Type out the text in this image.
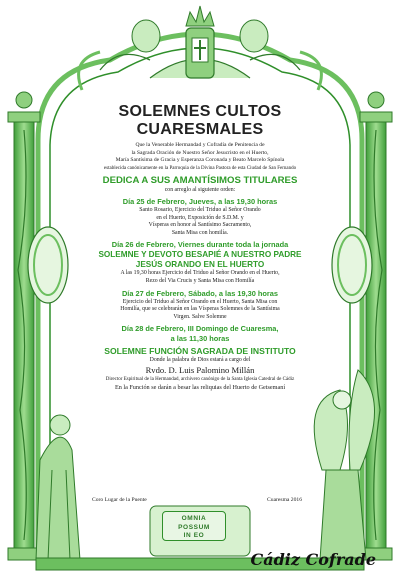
SOLEMNES CULTOS
CUARESMALES
Que la Venerable Hermandad y Cofradía de Penitencia de
la Sagrada Oración de Nuestro Señor Jesucristo en el Huerto,
María Santísima de Gracia y Esperanza Coronada y Beato Marcelo Spínola
establecida canónicamente en la Parroquia de la Divina Pastora de esta Ciudad de San Fernando
DEDICA A SUS AMANTÍSIMOS TITULARES
con arreglo al siguiente orden:
Día 25 de Febrero, Jueves, a las 19,30 horas
Santo Rosario, Ejercicio del Triduo al Señor Orando
en el Huerto, Exposición de S.D.M. y
Vísperas en honor al Santísimo Sacramento,
Santa Misa con homilía.
Día 26 de Febrero, Viernes durante toda la jornada
SOLEMNE Y DEVOTO BESAPIÉ A NUESTRO PADRE
JESÚS ORANDO EN EL HUERTO
A las 19,30 horas Ejercicio del Triduo al Señor Orando en el Huerto,
Rezo del Via Crucis y Santa Misa con Homilía
Día 27 de Febrero, Sábado, a las 19,30 horas
Ejercicio del Triduo al Señor Orando en el Huerto, Santa Misa con
Homilía, que se celebrarán en las Vísperas Solemnes de la Santísima
Virgen. Salve Solemne
Día 28 de Febrero, III Domingo de Cuaresma,
a las 11,30 horas
SOLEMNE FUNCIÓN SAGRADA DE INSTITUTO
Donde la palabra de Dios estará a cargo del
Rvdo. D. Luis Palomino Millán
Director Espiritual de la Hermandad, archivero canónigo de la Santa Iglesia Catedral de Cádiz
En la Función se darán a besar las reliquias del Huerto de Getsemaní
Coro Lugar de la Puente	Cuaresma 2016
OMNIA
POSSUM
IN EO
Cádiz Cofrade
